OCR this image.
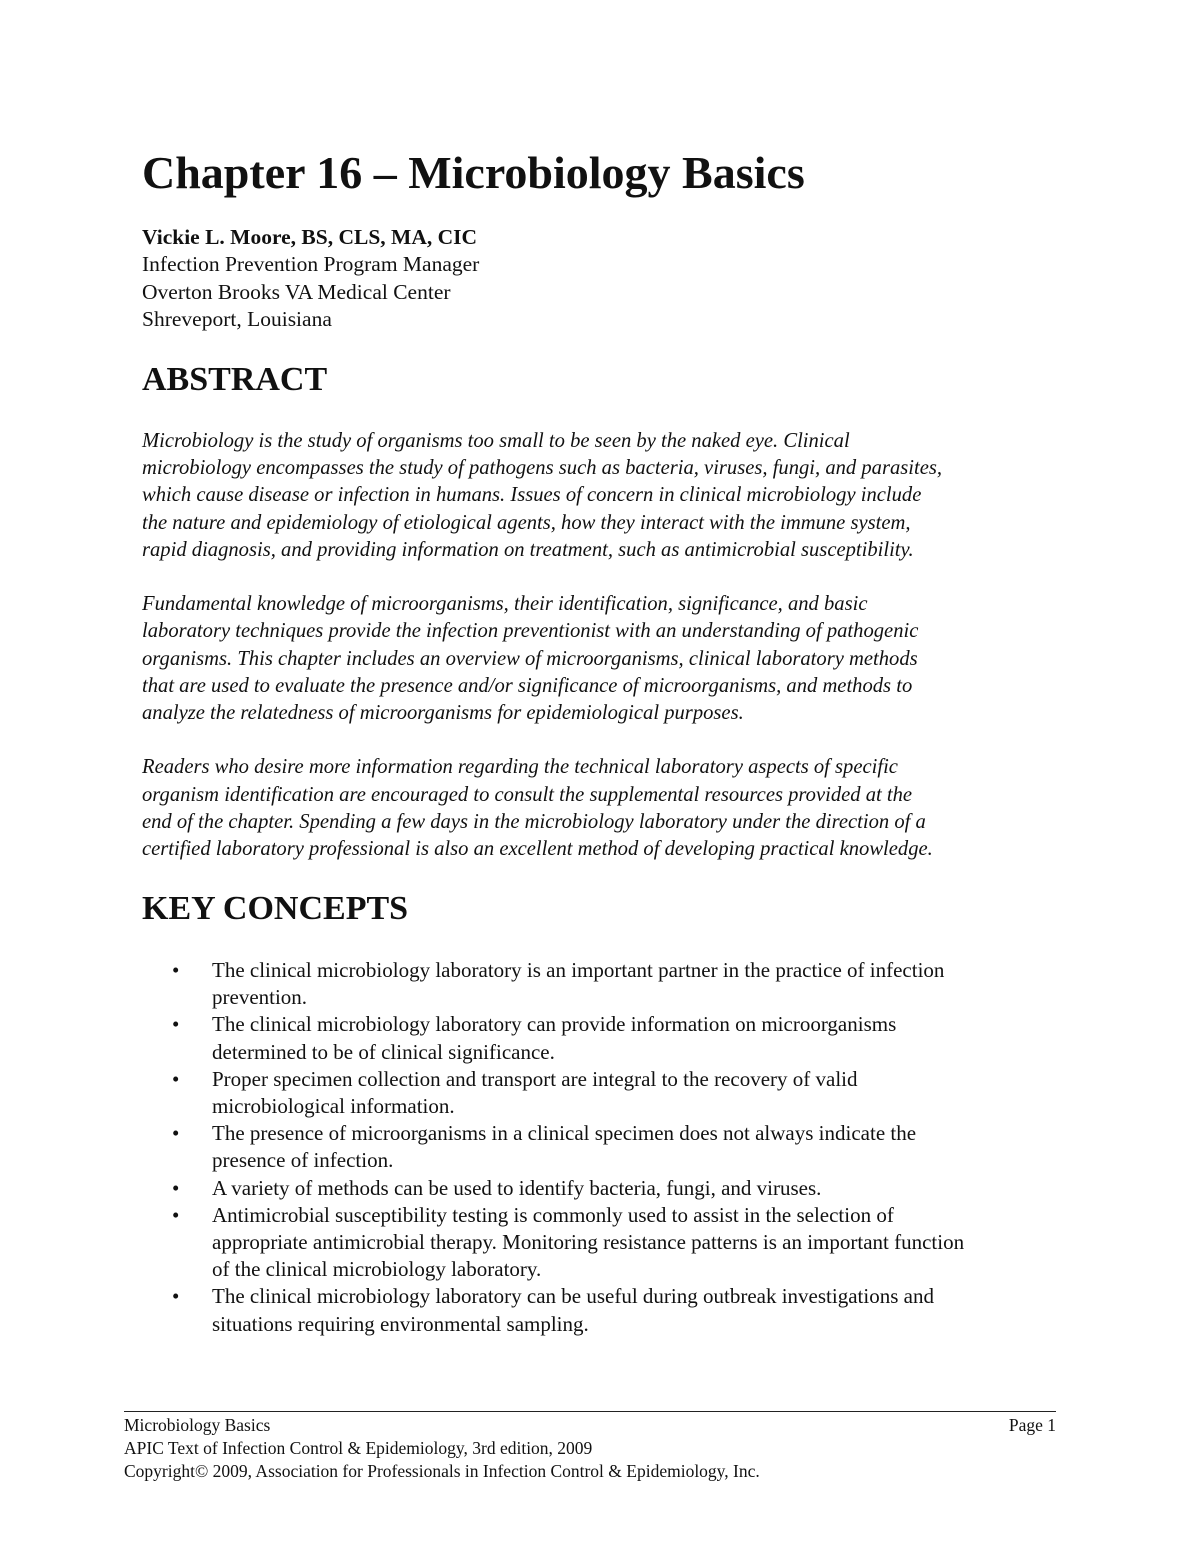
Chapter 16 – Microbiology Basics
Vickie L. Moore, BS, CLS, MA, CIC
Infection Prevention Program Manager
Overton Brooks VA Medical Center
Shreveport, Louisiana
ABSTRACT

Microbiology is the study of organisms too small to be seen by the naked eye. Clinical
microbiology encompasses the study of pathogens such as bacteria, viruses, fungi, and parasites,
which cause disease or infection in humans. Issues of concern in clinical microbiology include
the nature and epidemiology of etiological agents, how they interact with the immune system,
rapid diagnosis, and providing information on treatment, such as antimicrobial susceptibility.

Fundamental knowledge of microorganisms, their identification, significance, and basic
laboratory techniques provide the infection preventionist with an understanding of pathogenic
organisms. This chapter includes an overview of microorganisms, clinical laboratory methods
that are used to evaluate the presence and/or significance of microorganisms, and methods to
analyze the relatedness of microorganisms for epidemiological purposes.

Readers who desire more information regarding the technical laboratory aspects of specific
organism identification are encouraged to consult the supplemental resources provided at the
end of the chapter. Spending a few days in the microbiology laboratory under the direction of a
certified laboratory professional is also an excellent method of developing practical knowledge.

KEY CONCEPTS
• The clinical microbiology laboratory is an important partner in the practice of infection
prevention.
• The clinical microbiology laboratory can provide information on microorganisms
determined to be of clinical significance.
• Proper specimen collection and transport are integral to the recovery of valid
microbiological information.
• The presence of microorganisms in a clinical specimen does not always indicate the
presence of infection.
• A variety of methods can be used to identify bacteria, fungi, and viruses.
• Antimicrobial susceptibility testing is commonly used to assist in the selection of
appropriate antimicrobial therapy. Monitoring resistance patterns is an important function
of the clinical microbiology laboratory.
• The clinical microbiology laboratory can be useful during outbreak investigations and
situations requiring environmental sampling.
Microbiology Basics	Page 1
APIC Text of Infection Control & Epidemiology, 3rd edition, 2009
Copyright© 2009, Association for Professionals in Infection Control & Epidemiology, Inc.
